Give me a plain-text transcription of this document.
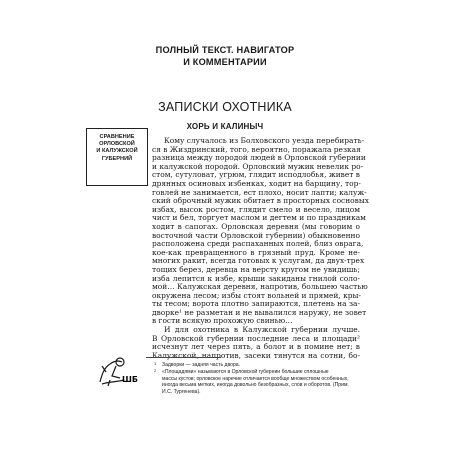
ПОЛНЫЙ ТЕКСТ. НАВИГАТОР
И КОММЕНТАРИИ
ЗАПИСКИ ОХОТНИКА
ХОРЬ И КАЛИНЫЧ
СРАВНЕНИЕ
ОРЛОВСКОЙ
И КАЛУЖСКОЙ
ГУБЕРНИЙ
Кому случалось из Болховского уезда перебирать-
ся в Жиздринский, того, вероятно, поражала резкая
разница между породой людей в Орловской губернии
и калужской породой. Орловский мужик невелик ро-
стом, сутуловат, угрюм, глядит исподлобья, живет в
дрянных осиновых избенках, ходит на барщину, тор-
говлей не занимается, ест плохо, носит лапти; калуж-
ский оброчный мужик обитает в просторных сосновых
избах, высок ростом, глядит смело и весело, лицом
чист и бел, торгует маслом и дегтем и по праздникам
ходит в сапогах. Орловская деревня (мы говорим о
восточной части Орловской губернии) обыкновенно
расположена среди распаханных полей, близ оврага,
кое-как превращенного в грязный пруд. Кроме не-
многих ракит, всегда готовых к услугам, да двух-трех
тощих берез, деревца на версту кругом не увидишь;
изба лепится к избе, крыши закиданы гнилой соло-
мой… Калужская деревня, напротив, большею частью
окружена лесом; избы стоят вольней и прямей, кры-
ты тесом; ворота плотно запираются, плетень на за-
дворке¹ не разметан и не вывалился наружу, не зовет
в гости всякую прохожую свинью…
И для охотника в Калужской губернии лучше.
В Орловской губернии последние леса и площади²
исчезнут лет через пять, а болот и в помине нет; в
Калужской, напротив, засеки тянутся на сотни, бо-
1 Задворки — задняя часть двора.
2 «Площадями» называются в Орловской губернии большие сплошные
массы кустов; орловское наречие отличается вообще множеством особенных,
иногда весьма метких, иногда довольно безобразных, слов и оборотов. (Прим.
И.С. Тургенева).
ШБ
